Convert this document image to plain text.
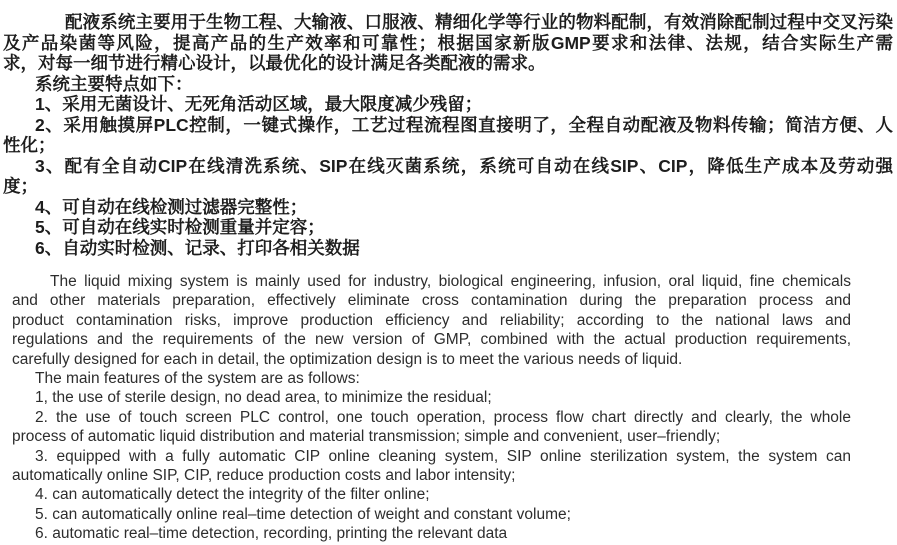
配液系统主要用于生物工程、大输液、口服液、精细化学等行业的物料配制，有效消除配制过程中交叉污染
及产品染菌等风险，提高产品的生产效率和可靠性；根据国家新版GMP要求和法律、法规，结合实际生产需
求，对每一细节进行精心设计，以最优化的设计满足各类配液的需求。
系统主要特点如下：
1、采用无菌设计、无死角活动区域，最大限度减少残留；
2、采用触摸屏PLC控制，一键式操作，工艺过程流程图直接明了，全程自动配液及物料传输；简洁方便、人
性化；
3、配有全自动CIP在线清洗系统、SIP在线灭菌系统，系统可自动在线SIP、CIP，降低生产成本及劳动强
度；
4、可自动在线检测过滤器完整性；
5、可自动在线实时检测重量并定容；
6、自动实时检测、记录、打印各相关数据
The liquid mixing system is mainly used for industry, biological engineering, infusion, oral liquid, fine chemicals
and other materials preparation, effectively eliminate cross contamination during the preparation process and
product contamination risks, improve production efficiency and reliability; according to the national laws and
regulations and the requirements of the new version of GMP, combined with the actual production requirements,
carefully designed for each in detail, the optimization design is to meet the various needs of liquid.
The main features of the system are as follows:
1, the use of sterile design, no dead area, to minimize the residual;
2. the use of touch screen PLC control, one touch operation, process flow chart directly and clearly, the whole
process of automatic liquid distribution and material transmission; simple and convenient, user–friendly;
3. equipped with a fully automatic CIP online cleaning system, SIP online sterilization system, the system can
automatically online SIP, CIP, reduce production costs and labor intensity;
4. can automatically detect the integrity of the filter online;
5. can automatically online real–time detection of weight and constant volume;
6. automatic real–time detection, recording, printing the relevant data
